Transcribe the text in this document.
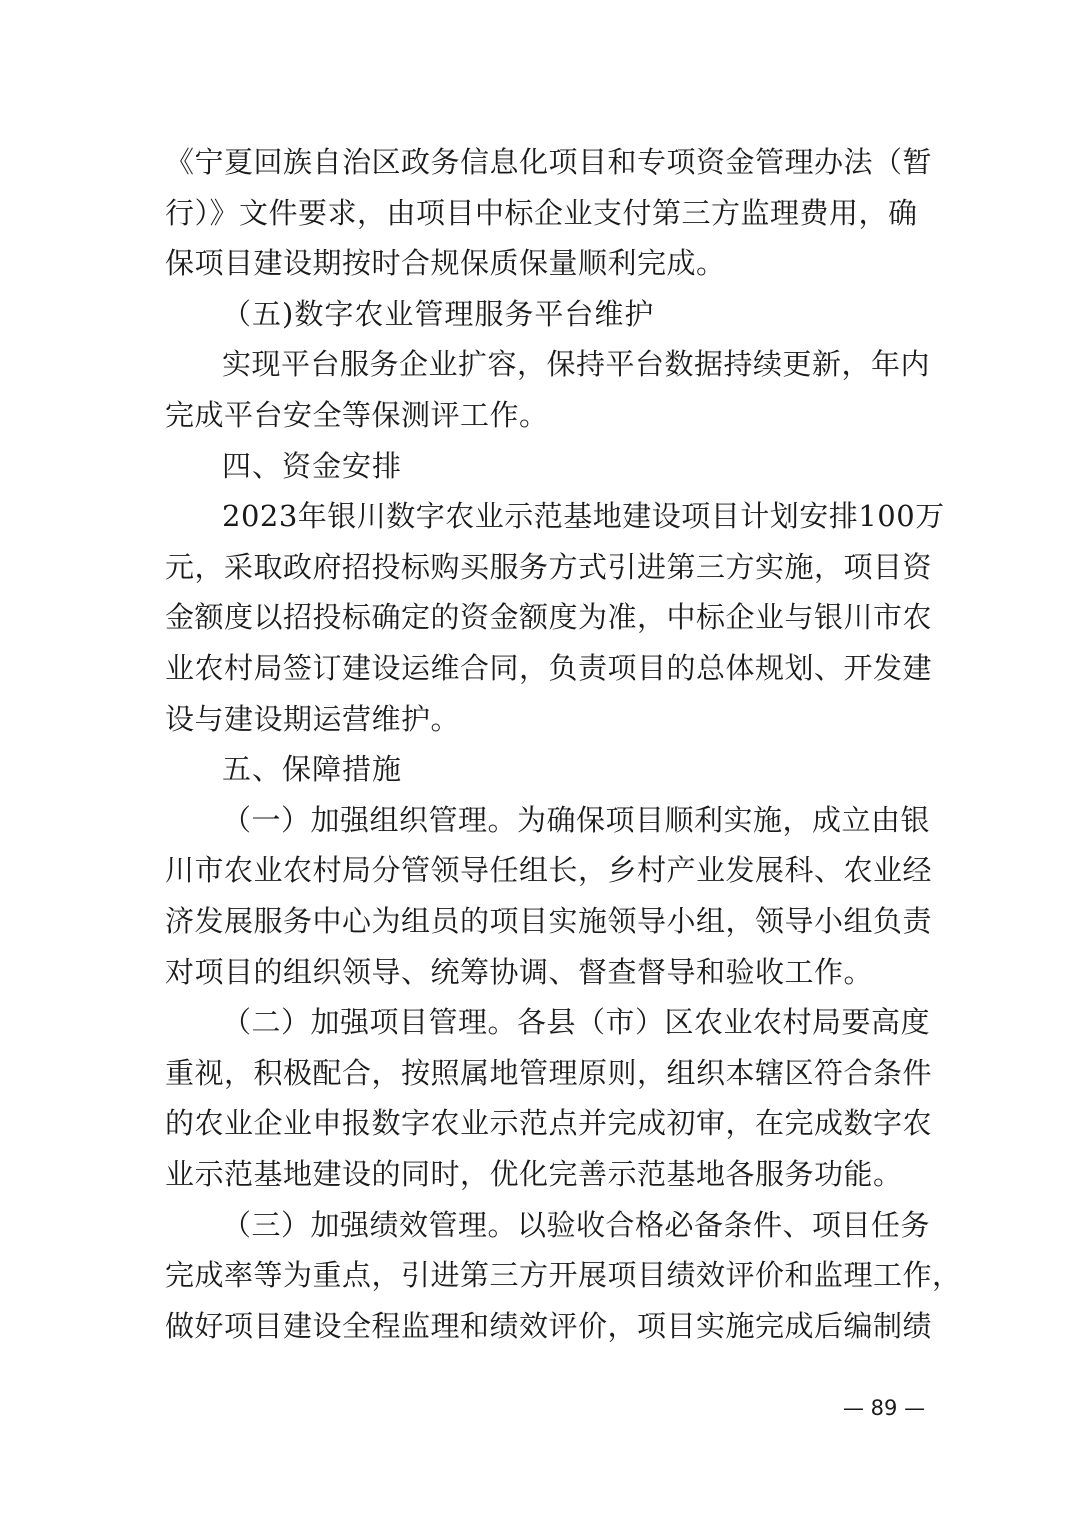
《宁夏回族自治区政务信息化项目和专项资金管理办法（暂
行）》文件要求，由项目中标企业支付第三方监理费用，确
保项目建设期按时合规保质保量顺利完成。
（五)数字农业管理服务平台维护
实现平台服务企业扩容，保持平台数据持续更新，年内
完成平台安全等保测评工作。
四、资金安排
2023年银川数字农业示范基地建设项目计划安排100万
元，采取政府招投标购买服务方式引进第三方实施，项目资
金额度以招投标确定的资金额度为准，中标企业与银川市农
业农村局签订建设运维合同，负责项目的总体规划、开发建
设与建设期运营维护。
五、保障措施
（一）加强组织管理。为确保项目顺利实施，成立由银
川市农业农村局分管领导任组长，乡村产业发展科、农业经
济发展服务中心为组员的项目实施领导小组，领导小组负责
对项目的组织领导、统筹协调、督查督导和验收工作。
（二）加强项目管理。各县（市）区农业农村局要高度
重视，积极配合，按照属地管理原则，组织本辖区符合条件
的农业企业申报数字农业示范点并完成初审，在完成数字农
业示范基地建设的同时，优化完善示范基地各服务功能。
（三）加强绩效管理。以验收合格必备条件、项目任务
完成率等为重点，引进第三方开展项目绩效评价和监理工作，
做好项目建设全程监理和绩效评价，项目实施完成后编制绩
— 89 —
